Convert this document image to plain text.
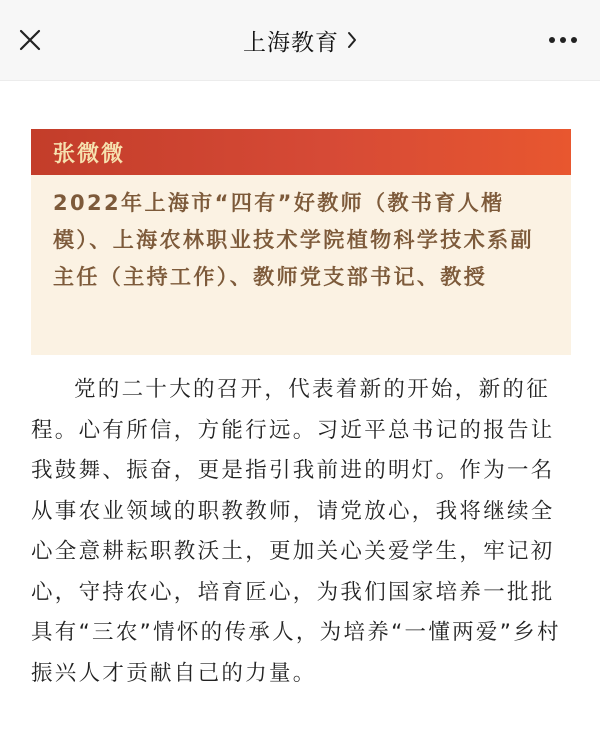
上海教育
张微微

2022年上海市“四有”好教师（教书育人楷模）、上海农林职业技术学院植物科学技术系副主任（主持工作）、教师党支部书记、教授

党的二十大的召开，代表着新的开始，新的征程。心有所信，方能行远。习近平总书记的报告让我鼓舞、振奋，更是指引我前进的明灯。作为一名从事农业领域的职教教师，请党放心，我将继续全心全意耕耘职教沃土，更加关心关爱学生，牢记初心，守持农心，培育匠心，为我们国家培养一批批具有“三农”情怀的传承人，为培养“一懂两爱”乡村振兴人才贡献自己的力量。
